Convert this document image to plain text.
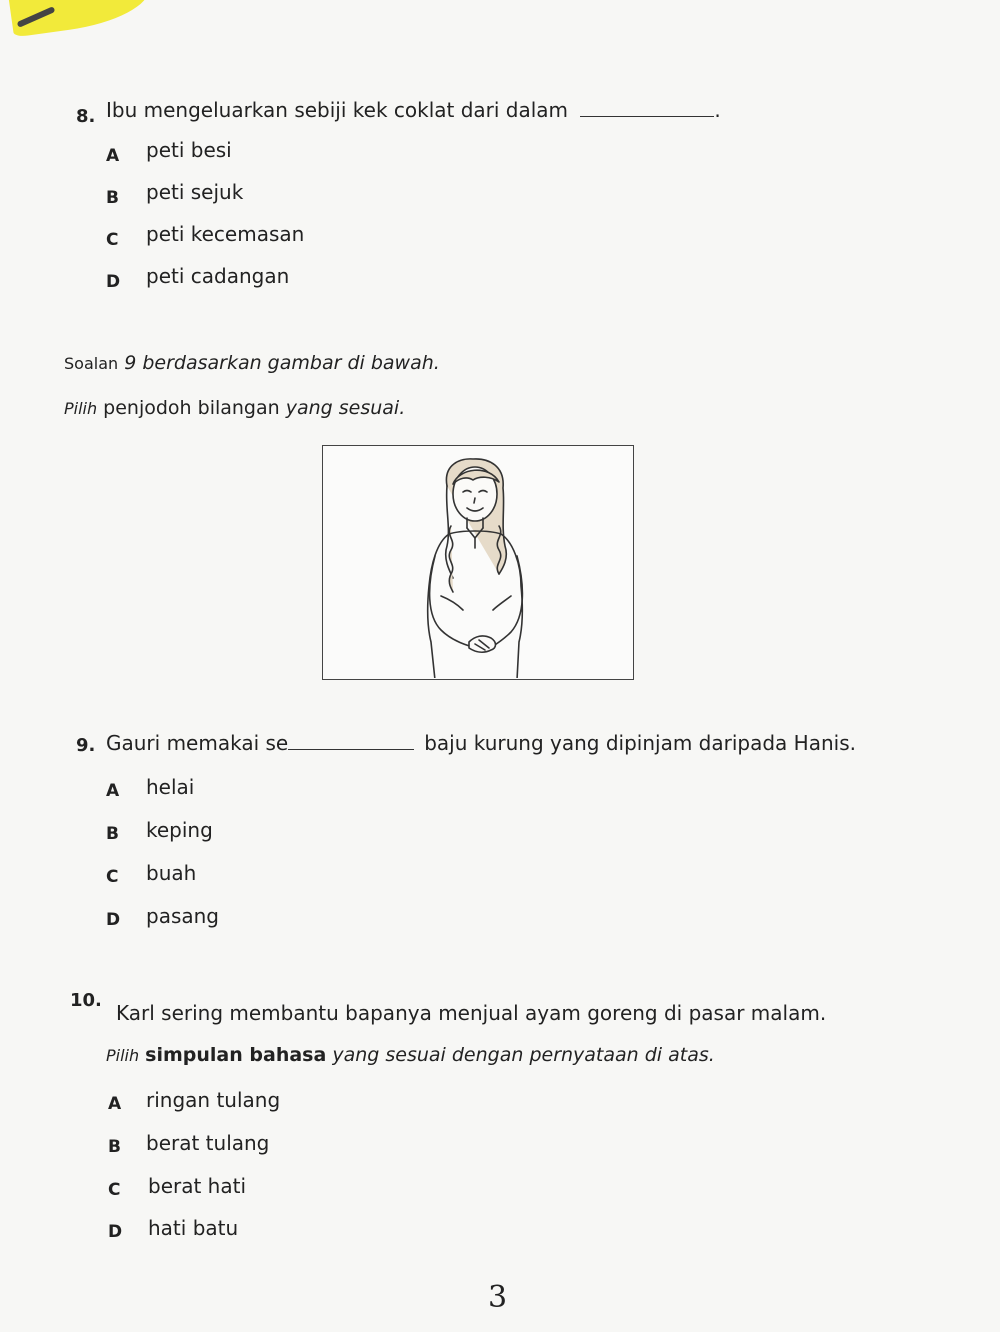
8. Ibu mengeluarkan sebiji kek coklat dari dalam	.
A peti besi
B peti sejuk
C peti kecemasan
D peti cadangan
Soalan 9 berdasarkan gambar di bawah.
Pilih penjodoh bilangan yang sesuai.
9. Gauri memakai se	baju kurung yang dipinjam daripada Hanis.
A helai
B keping
C buah
D pasang
10.
Karl sering membantu bapanya menjual ayam goreng di pasar malam.
Pilih simpulan bahasa yang sesuai dengan pernyataan di atas.
A ringan tulang
B berat tulang
C berat hati
D hati batu
3
